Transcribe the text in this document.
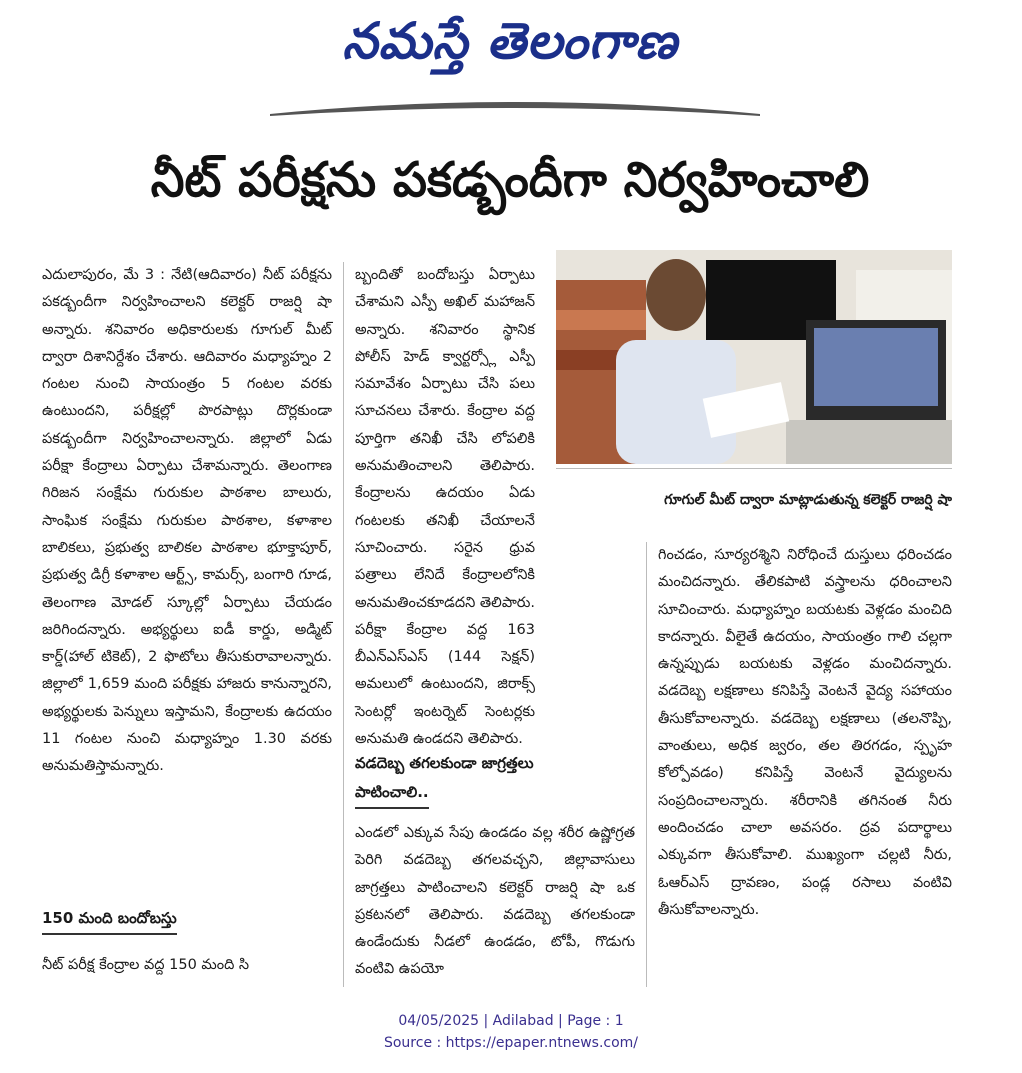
నమస్తే తెలంగాణ
నీట్ పరీక్షను పకడ్బందీగా నిర్వహించాలి

ఎదులాపురం, మే 3 : నేటి(ఆదివారం) నీట్ పరీక్షను పకడ్బందీగా నిర్వహించాలని కలెక్టర్ రాజర్షి షా అన్నారు. శనివారం అధికారులకు గూగుల్ మీట్ ద్వారా దిశానిర్దేశం చేశారు. ఆదివారం మధ్యాహ్నం 2 గంటల నుంచి సాయంత్రం 5 గంటల వరకు ఉంటుందని, పరీక్షల్లో పొరపాట్లు దొర్లకుండా పకడ్బందీగా నిర్వహించాలన్నారు. జిల్లాలో ఏడు పరీక్షా కేంద్రాలు ఏర్పాటు చేశామన్నారు. తెలంగాణ గిరిజన సంక్షేమ గురుకుల పాఠశాల బాలురు, సాంఘిక సంక్షేమ గురుకుల పాఠశాల, కళాశాల బాలికలు, ప్రభుత్వ బాలికల పాఠశాల భూక్తాపూర్, ప్రభుత్వ డిగ్రీ కళాశాల ఆర్ట్స్, కామర్స్, బంగారి గూడ, తెలంగాణ మోడల్ స్కూల్లో ఏర్పాటు చేయడం జరిగిందన్నారు. అభ్యర్థులు ఐడీ కార్డు, అడ్మిట్ కార్డ్(హాల్ టికెట్), 2 ఫొటోలు తీసుకురావాలన్నారు. జిల్లాలో 1,659 మంది పరీక్షకు హాజరు కానున్నారని, అభ్యర్థులకు పెన్నులు ఇస్తామని, కేంద్రాలకు ఉదయం 11 గంటల నుంచి మధ్యాహ్నం 1.30 వరకు అనుమతిస్తామన్నారు.

150 మంది బందోబస్తు
నీట్ పరీక్ష కేంద్రాల వద్ద 150 మంది సి

బ్బందితో బందోబస్తు ఏర్పాటు చేశామని ఎస్పీ అఖిల్ మహాజన్ అన్నారు. శనివారం స్థానిక పోలీస్ హెడ్ క్వార్టర్స్లో ఎస్పీ సమావేశం ఏర్పాటు చేసి పలు సూచనలు చేశారు. కేంద్రాల వద్ద పూర్తిగా తనిఖీ చేసి లోపలికి అనుమతించాలని తెలిపారు. కేంద్రాలను ఉదయం ఏడు గంటలకు తనిఖీ చేయాలనే సూచించారు. సరైన ధ్రువ పత్రాలు లేనిదే కేంద్రాలలోనికి అనుమతించకూడదని తెలిపారు. పరీక్షా కేంద్రాల వద్ద 163 బీఎన్ఎస్ఎస్ (144 సెక్షన్) అమలులో ఉంటుందని, జిరాక్స్ సెంటర్లో ఇంటర్నెట్ సెంటర్లకు అనుమతి ఉండదని తెలిపారు.

గూగుల్ మీట్ ద్వారా మాట్లాడుతున్న కలెక్టర్ రాజర్షి షా
వడదెబ్బ తగలకుండా జాగ్రత్తలు
పాటించాలి..
ఎండలో ఎక్కువ సేపు ఉండడం వల్ల శరీర ఉష్ణోగ్రత పెరిగి వడదెబ్బ తగలవచ్చని, జిల్లావాసులు జాగ్రత్తలు పాటించాలని కలెక్టర్ రాజర్షి షా ఒక ప్రకటనలో తెలిపారు. వడదెబ్బ తగలకుండా ఉండేందుకు నీడలో ఉండడం, టోపీ, గొడుగు వంటివి ఉపయో

గించడం, సూర్యరశ్మిని నిరోధించే దుస్తులు ధరించడం మంచిదన్నారు. తేలికపాటి వస్త్రాలను ధరించాలని సూచించారు. మధ్యాహ్నం బయటకు వెళ్లడం మంచిది కాదన్నారు. వీలైతే ఉదయం, సాయంత్రం గాలి చల్లగా ఉన్నప్పుడు బయటకు వెళ్లడం మంచిదన్నారు. వడదెబ్బ లక్షణాలు కనిపిస్తే వెంటనే వైద్య సహాయం తీసుకోవాలన్నారు. వడదెబ్బ లక్షణాలు (తలనొప్పి, వాంతులు, అధిక జ్వరం, తల తిరగడం, స్పృహ కోల్పోవడం) కనిపిస్తే వెంటనే వైద్యులను సంప్రదించాలన్నారు. శరీరానికి తగినంత నీరు అందించడం చాలా అవసరం. ద్రవ పదార్థాలు ఎక్కువగా తీసుకోవాలి. ముఖ్యంగా చల్లటి నీరు, ఓఆర్ఎస్ ద్రావణం, పండ్ల రసాలు వంటివి తీసుకోవాలన్నారు.

04/05/2025 | Adilabad | Page : 1
Source : https://epaper.ntnews.com/
